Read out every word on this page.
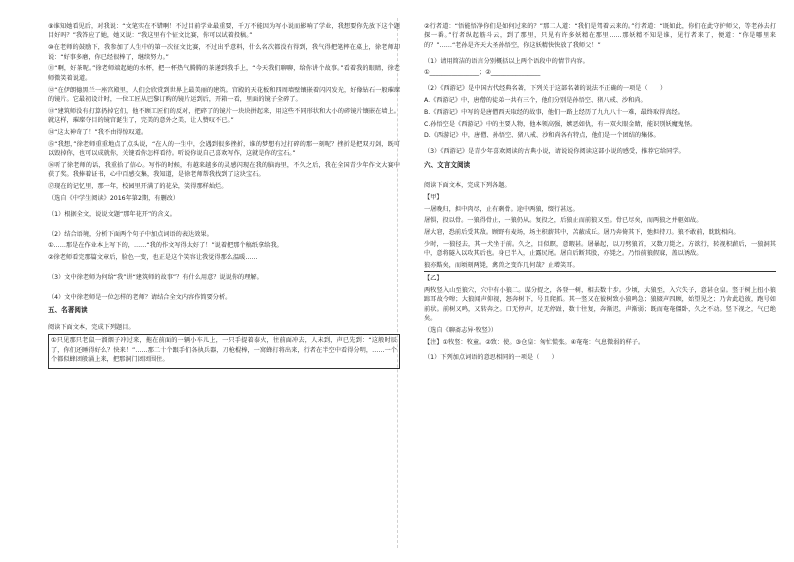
⑨谁知她看见后，对我说：“文笔实在不错啊！不过目前学业最重要，千万不能因为写小说而影响了学业，我想要你先放下这个题目好吗？”我答应了她，她又说：“我这里有个征文比赛，你可以试着投稿。”

⑩在老师的鼓励下，我参加了人生中的第一次征文比赛，不过出乎意料，什么名次都没有得到，我气得把笔摔在桌上，徐老师却说：“好事多磨，你已经很棒了，继续努力。”

⑪“啊，好茶呢。”徐老师端起她的水杯，把一杯热气腾腾的茶递到我手上，“今天我们聊聊，给你讲个故事。”看着我的眼睛，徐老师微笑着说道。

⑫“在伊朗德黑兰一座宫殿里，人们会欣赏到世界上最美丽的建筑。宫殿的天花板和四周墙壁镶嵌着闪闪发光，好像钻石一般璀璨的镜片。它最初设计时，一位工匠从巴黎订购的镜片运到后，开箱一看，里面的镜子全碎了。

⑬“建筑师没有打算扔掉它们，他不顾工匠们的反对，把碎了的镜片一块块拼起来，用这些不同形状和大小的碎镜片镶嵌在墙上。就这样，璀璨夺目的镜宫诞生了，完美的意外之美，让人赞叹不已。”

⑭“这太神奇了！”我不由得惊叹道。

⑮“我想，”徐老师重重地点了点头说，“在人的一生中，会遇到很多挫折，谁的梦想有过打碎的那一刻呢？挫折是把双刃剑，既可以毁掉你，也可以成就你，关键看你怎样看待。听说你说自己喜欢写作，这就是你的宝石。”

⑯听了徐老师的话，我重拾了信心。写作的时候，有越来越多的灵感闪现在我的脑海里，不久之后，我在全国青少年作文大赛中获了奖。我捧着证书，心中百感交集，我知道，是徐老师帮我找到了这块宝石。

⑰现在的记忆里，那一年，校园里开满了的花朵，笑得那样灿烂。

（选自《中学生阅读》2016年第2期，有删改）

（1）根据全文，说说文题“那年花开”的含义。

（2）结合语境，分析下面两个句子中加点词语的表达效果。

①……那是在作业本上写下的，……“我的作文写得太好了！”说着把那个稿纸拿给我。

②徐老师看完那篇文章后，脸色一变，也正是这个笑容让我觉得那么温暖……

（3）文中徐老师为何给“我”讲“建筑师的故事”？有什么用意？说说你的理解。

（4）文中徐老师是一位怎样的老师？请结合全文内容作简要分析。

五、名著阅读

阅读下面文本，完成下列题目。

①只见那只老鼠一溜烟子冲过来，拖在前面的一辆小车儿上，一只手提着泰火，往前面冲去，人未到，声已先到：“这般时辰了，你们还睡得好么？快来！”……那二十个跟手们各执兵器，刀枪棍棒，一窝蜂打将出来，行者在半空中看得分明，……一个个都似蜂团般涌上来，把那洞门团团围住。

②行者道：“悟能悟净你们是如何过来的？”那二人道：“我们是驾着云来的。”行者道：“既如此，你们在此守护师父，等老孙去打探一番。”行者纵起筋斗云，到了那里，只见有许多妖精在那里……那妖精不知是谁，见行者来了，便道：“你是哪里来的？”……“老孙是齐天大圣孙悟空，你这妖精快快放了我师父！”

（1）请用简洁的语言分别概括以上两个语段中的情节内容。

①________________；②________________

（2）《西游记》是中国古代经典名著，下列关于这部名著的说法不正确的一项是（　　）

A.《西游记》中，唐僧的徒弟一共有三个，他们分别是孙悟空、猪八戒、沙和尚。

B.《西游记》中写的是唐僧西天取经的故事，他们一路上经历了九九八十一难，最终取得真经。

C.孙悟空是《西游记》中的主要人物，他本领高强，嫉恶如仇，有一双火眼金睛，能识别妖魔鬼怪。

D.《西游记》中，唐僧、孙悟空、猪八戒、沙和尚各有特点，他们是一个团结的集体。

（3）《西游记》是青少年喜欢阅读的古典小说，请说说你阅读这部小说的感受，推荐它给同学。

六、文言文阅读

阅读下面文本，完成下列各题。

【甲】

一屠晚归，担中肉尽，止有剩骨。途中两狼，缀行甚远。

屠惧，投以骨。一狼得骨止，一狼仍从。复投之，后狼止而前狼又至。骨已尽矣，而两狼之并驱如故。

屠大窘，恐前后受其敌。顾野有麦场，场主积薪其中，苫蔽成丘。屠乃奔倚其下，弛担持刀。狼不敢前，眈眈相向。

少时，一狼径去，其一犬坐于前。久之，目似瞑，意暇甚。屠暴起，以刀劈狼首，又数刀毙之。方欲行，转视积薪后，一狼洞其中，意将隧入以攻其后也。身已半入，止露尻尾。屠自后断其股，亦毙之。乃悟前狼假寐，盖以诱敌。

狼亦黠矣，而顷刻两毙，禽兽之变诈几何哉？止增笑耳。

【乙】

两牧竖入山至狼穴，穴中有小狼二。谋分捉之，各登一树，相去数十步。少顷，大狼至，入穴失子，意甚仓皇。竖于树上扭小狼蹄耳故令嗥；大狼闻声仰视，怒奔树下，号且爬抓。其一竖又在彼树致小狼鸣急；狼辍声四顾，始望见之；乃舍此趋彼，跑号如前状。前树又鸣，又转奔之。口无停声，足无停趾，数十往复，奔渐迟，声渐弱；既而奄奄僵卧，久之不动。竖下视之，气已绝矣。

（选自《聊斋志异·牧竖》）

【注】①牧竖：牧童。②致：使。③仓皇：匆忙慌张。④奄奄：气息微弱的样子。

（1）下列加点词语的意思相同的一项是（　　）
